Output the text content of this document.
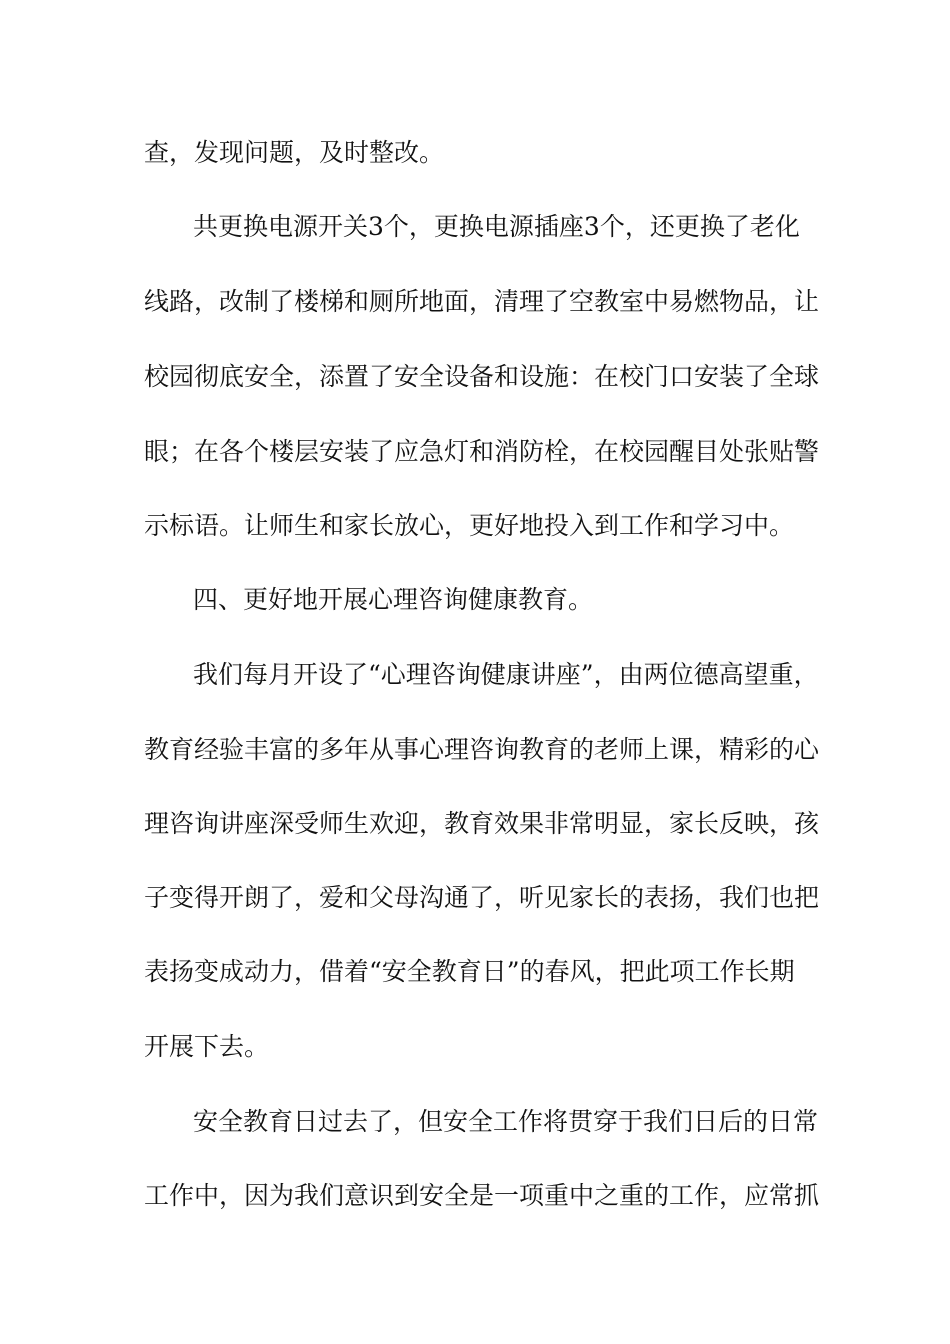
查，发现问题，及时整改。
共更换电源开关3个，更换电源插座3个，还更换了老化
线路，改制了楼梯和厕所地面，清理了空教室中易燃物品，让
校园彻底安全，添置了安全设备和设施：在校门口安装了全球
眼；在各个楼层安装了应急灯和消防栓，在校园醒目处张贴警
示标语。让师生和家长放心，更好地投入到工作和学习中。
四、更好地开展心理咨询健康教育。
我们每月开设了“心理咨询健康讲座”，由两位德高望重，
教育经验丰富的多年从事心理咨询教育的老师上课，精彩的心
理咨询讲座深受师生欢迎，教育效果非常明显，家长反映，孩
子变得开朗了，爱和父母沟通了，听见家长的表扬，我们也把
表扬变成动力，借着“安全教育日”的春风，把此项工作长期
开展下去。
安全教育日过去了，但安全工作将贯穿于我们日后的日常
工作中，因为我们意识到安全是一项重中之重的工作，应常抓
